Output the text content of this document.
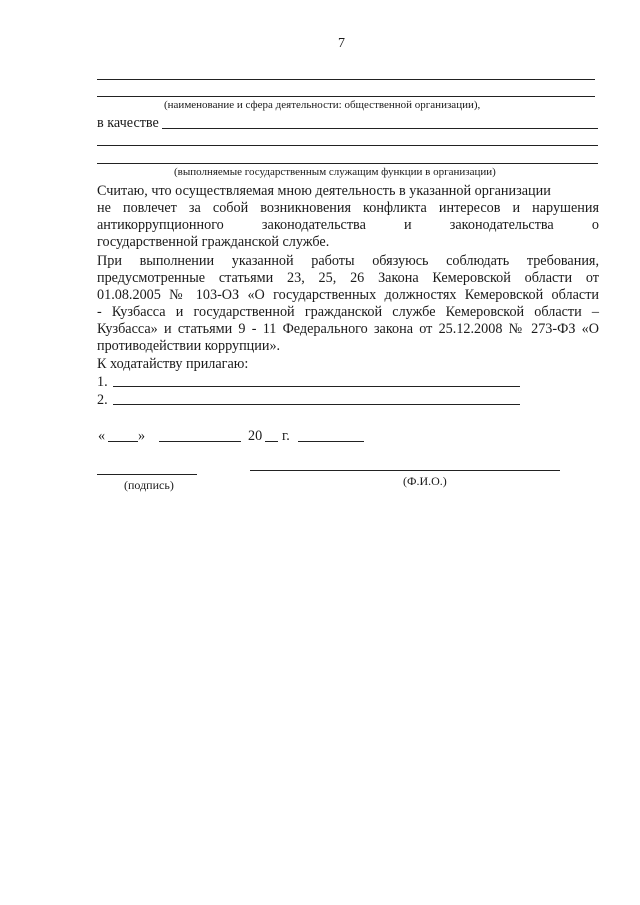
7
(наименование и сфера деятельности: общественной организации),
в качестве
(выполняемые государственным служащим функции в организации)
Считаю, что осуществляемая мною деятельность в указанной организации
не повлечет за собой возникновения конфликта интересов и нарушения
антикоррупционного законодательства и законодательства о
государственной гражданской службе.
При выполнении указанной работы обязуюсь соблюдать требования,
предусмотренные статьями 23, 25, 26 Закона Кемеровской области от
01.08.2005 № 103-ОЗ «О государственных должностях Кемеровской области
- Кузбасса и государственной гражданской службе Кемеровской области –
Кузбасса» и статьями 9 - 11 Федерального закона от 25.12.2008 № 273-ФЗ «О
противодействии коррупции».
К ходатайству прилагаю:
1.
2.
« »	20 г.
(подпись)	(Ф.И.О.)
